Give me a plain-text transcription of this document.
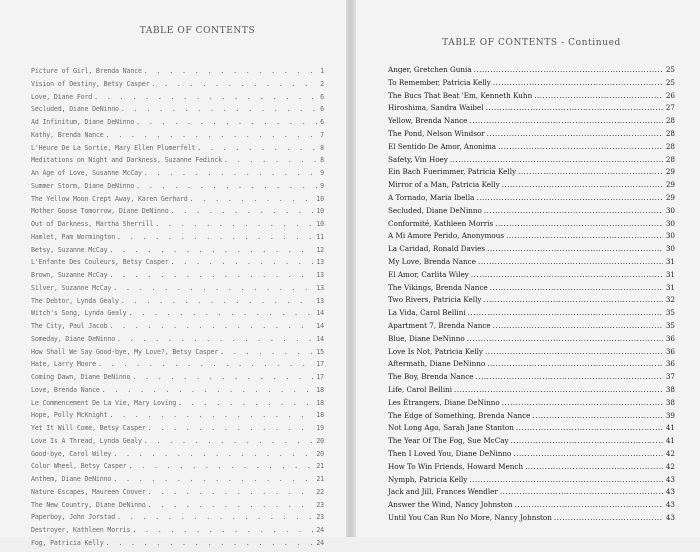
TABLE OF CONTENTS
Picture of Girl, Brenda Nance . . .	1
Vision of Destiny, Betsy Casper . . .	2
Love, Diane Ford . . .	6
Secluded, Diane DeNinno . . .	6
Ad Infinitum, Diane DeNinno . . .	6
Kathy, Brenda Nance . . .	7
L'Heure De La Sortie, Mary Ellen Plumerfelt . . .	8
Meditations on Night and Darkness, Suzanne Fedinck . . .	8
An Age of Love, Susanne McCay . . .	9
Summer Storm, Diane DeNinno . . .	9
The Yellow Moon Crept Away, Karen Gerhard . . .	10
Mother Goose Tomorrow, Diane DeNinno . . .	10
Out of Darkness, Martha Sherrill . . .	10
Hamlet, Pam Wormington . . .	11
Betsy, Suzanne McCay . . .	12
L'Enfante Des Couleurs, Betsy Casper . . .	13
Brown, Suzanne McCay . . .	13
Silver, Suzanne McCay . . .	13
The Debtor, Lynda Gealy . . .	13
Witch's Song, Lynda Gealy . . .	14
The City, Paul Jacob . . .	14
Someday, Diane DeNinno . . .	14
How Shall We Say Good-bye, My Love?, Betsy Casper . . .	15
Hate, Larry Moore . . .	17
Coming Dawn, Diane DeNinno . . .	17
Love, Brenda Nance . . .	18
Le Commencement De La Vie, Mary Loving . . .	18
Hope, Polly McKnight . . .	18
Yet It Will Come, Betsy Casper . . .	19
Love Is A Thread, Lynda Gealy . . .	20
Good-bye, Carol Wiley . . .	20
Color Wheel, Betsy Casper . . .	21
Anthem, Diane DeNinno . . .	21
Nature Escapes, Maureen Coover . . .	22
The New Country, Diane DeNinno . . .	23
Paperboy, John Jorstad . . .	23
Destroyer, Kathleen Morris . . .	24
Fog, Patricia Kelly . . .	24
TABLE OF CONTENTS - Continued
Anger, Gretchen Gunia .....	25
To Remember, Patricia Kelly .....	25
The Bucs That Beat 'Em, Kenneth Kuhn .....	26
Hiroshima, Sandra Waibel .....	27
Yellow, Brenda Nance .....	28
The Pond, Nelson Windsor .....	28
El Sentido De Amor, Anonima .....	28
Safety, Vin Hoey .....	28
Ein Bach Fuerimmer, Patricia Kelly .....	29
Mirror of a Man, Patricia Kelly .....	29
A Tornado, Maria Ibella .....	29
Secluded, Diane DeNinno .....	30
Conformité, Kathleen Morris .....	30
A Mi Amore Perido, Anonymous .....	30
La Caridad, Ronald Davies .....	30
My Love, Brenda Nance .....	31
El Amor, Carlita Wiley .....	31
The Vikings, Brenda Nance .....	31
Two Rivers, Patricia Kelly .....	32
La Vida, Carol Bellini .....	35
Apartment 7, Brenda Nance .....	35
Blue, Diane DeNinno .....	36
Love Is Not, Patricia Kelly .....	36
Aftermath, Diane DeNinno .....	36
The Boy, Brenda Nance .....	37
Life, Carol Bellini .....	38
Les Étrangers, Diane DeNinno .....	38
The Edge of Something, Brenda Nance .....	39
Not Long Ago, Sarah Jane Stanton .....	41
The Year Of The Fog, Sue McCay .....	41
Then I Loved You, Diane DeNinno .....	42
How To Win Friends, Howard Mench .....	42
Nymph, Patricia Kelly .....	43
Jack and Jill, Frances Wendler .....	43
Answer the Wind, Nancy Johnston .....	43
Until You Can Run No More, Nancy Johnston .....	43
